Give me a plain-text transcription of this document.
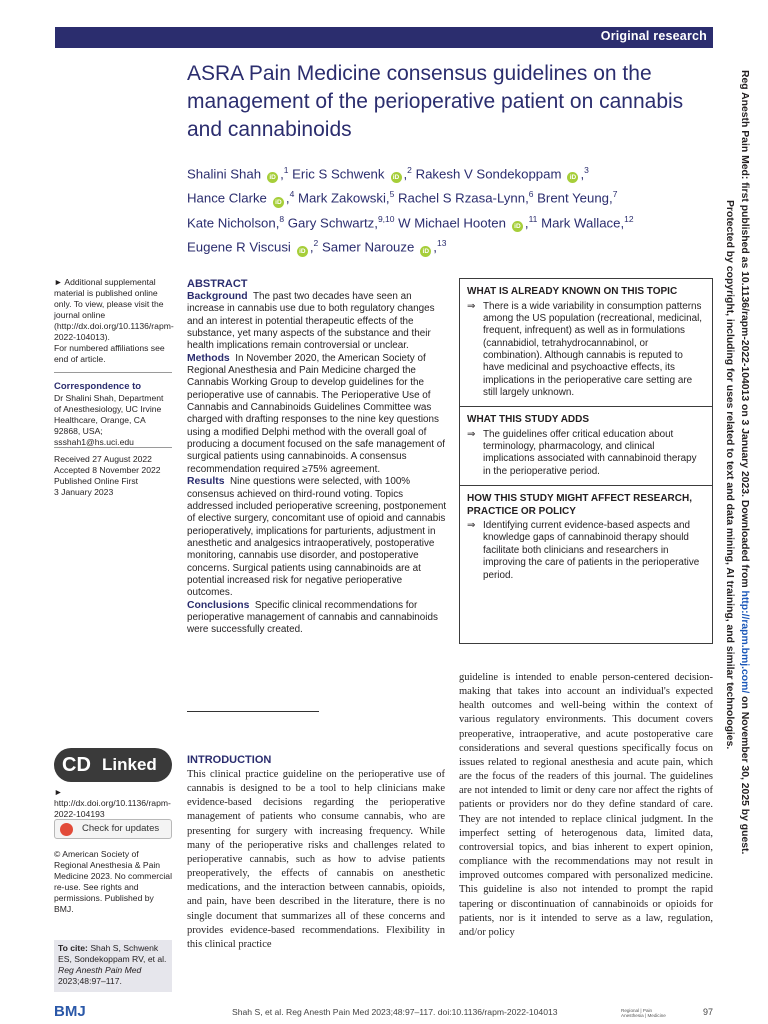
Original research
ASRA Pain Medicine consensus guidelines on the management of the perioperative patient on cannabis and cannabinoids
Shalini Shah iD ,$^1$ Eric S Schwenk iD ,$^2$ Rakesh V Sondekoppam iD ,$^3$
Hance Clarke iD ,$^4$ Mark Zakowski,$^5$ Rachel S Rzasa-Lynn,$^6$ Brent Yeung,$^7$
Kate Nicholson,$^8$ Gary Schwartz,$^{9,10}$ W Michael Hooten iD ,$^{11}$ Mark Wallace,$^{12}$
Eugene R Viscusi iD ,$^2$ Samer Narouze iD ,$^{13}$
► Additional supplemental material is published online only. To view, please visit the journal online (http://dx.doi.org/10.1136/rapm-2022-104013).
For numbered affiliations see end of article.
Correspondence to
Dr Shalini Shah, Department of Anesthesiology, UC Irvine Healthcare, Orange, CA 92868, USA; ssshah1@hs.uci.edu
Received 27 August 2022
Accepted 8 November 2022
Published Online First
3 January 2023
CD Linked
► http://dx.doi.org/10.1136/rapm-2022-104193
Check for updates
© American Society of Regional Anesthesia & Pain Medicine 2023. No commercial re-use. See rights and permissions. Published by BMJ.
To cite: Shah S, Schwenk ES, Sondekoppam RV, et al. Reg Anesth Pain Med 2023;48:97–117.
ABSTRACT
Background The past two decades have seen an increase in cannabis use due to both regulatory changes and an interest in potential therapeutic effects of the substance, yet many aspects of the substance and their health implications remain controversial or unclear.
Methods In November 2020, the American Society of Regional Anesthesia and Pain Medicine charged the Cannabis Working Group to develop guidelines for the perioperative use of cannabis. The Perioperative Use of Cannabis and Cannabinoids Guidelines Committee was charged with drafting responses to the nine key questions using a modified Delphi method with the overall goal of producing a document focused on the safe management of surgical patients using cannabinoids. A consensus recommendation required ≥75% agreement.
Results Nine questions were selected, with 100% consensus achieved on third-round voting. Topics addressed included perioperative screening, postponement of elective surgery, concomitant use of opioid and cannabis perioperatively, implications for parturients, adjustment in anesthetic and analgesics intraoperatively, postoperative monitoring, cannabis use disorder, and postoperative concerns. Surgical patients using cannabinoids are at potential increased risk for negative perioperative outcomes.
Conclusions Specific clinical recommendations for perioperative management of cannabis and cannabinoids were successfully created.
WHAT IS ALREADY KNOWN ON THIS TOPIC
⇒ There is a wide variability in consumption patterns among the US population (recreational, medicinal, frequent, infrequent) as well as in formulations (cannabidiol, tetrahydrocannabinol, or combination). Although cannabis is reputed to have medicinal and psychoactive effects, its implications in the perioperative care setting are still largely unknown.
WHAT THIS STUDY ADDS
⇒ The guidelines offer critical education about terminology, pharmacology, and clinical implications associated with cannabinoid therapy in the perioperative period.
HOW THIS STUDY MIGHT AFFECT RESEARCH, PRACTICE OR POLICY
⇒ Identifying current evidence-based aspects and knowledge gaps of cannabinoid therapy should facilitate both clinicians and researchers in improving the care of patients in the perioperative period.
INTRODUCTION
This clinical practice guideline on the perioperative use of cannabis is designed to be a tool to help clinicians make evidence-based decisions regarding the perioperative management of patients who consume cannabis, who are presenting for surgery with increasing frequency. While many of the perioperative risks and challenges related to perioperative cannabis, such as how to advise patients preoperatively, the effects of cannabis on anesthetic medications, and the interaction between cannabis, opioids, and pain, have been described in the literature, there is no single document that summarizes all of these concerns and provides evidence-based recommendations. Flexibility in this clinical practice
guideline is intended to enable person-centered decision-making that takes into account an individual's expected health outcomes and well-being within the context of various regulatory environments. This document covers preoperative, intraoperative, and acute postoperative care considerations and several questions specifically focus on issues related to regional anesthesia and acute pain, which are the focus of the readers of this journal. The guidelines are not intended to limit or deny care nor affect the rights of patients or providers nor do they define standard of care. They are not intended to replace clinical judgment. In the imperfect setting of heterogenous data, limited data, controversial topics, and bias inherent to expert opinion, compliance with the recommendations may not result in improved outcomes compared with personalized medicine. This guideline is also not intended to prompt the rapid tapering or discontinuation of cannabinoids or opioids for patients, nor is it intended to serve as a law, regulation, and/or policy
Reg Anesth Pain Med: first published as 10.1136/rapm-2022-104013 on 3 January 2023. Downloaded from http://rapm.bmj.com/ on November 30, 2025 by guest.
Protected by copyright, including for uses related to text and data mining, AI training, and similar technologies.
BMJ	Shah S, et al. Reg Anesth Pain Med 2023;48:97–117. doi:10.1136/rapm-2022-104013	Regional | Pain
Anesthesia | Medicine	97
